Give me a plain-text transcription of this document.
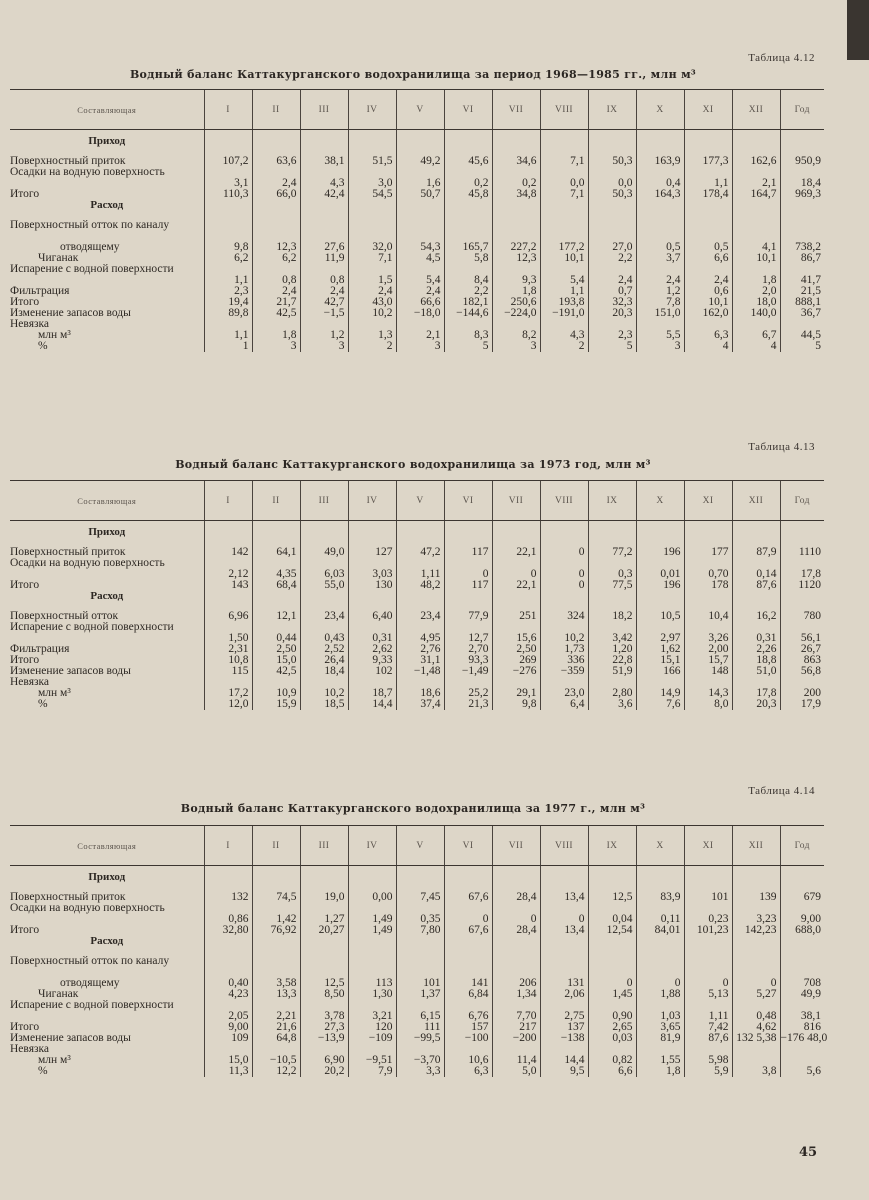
Таблица 4.12
Водный баланс Каттакурганского водохранилища за период 1968—1985 гг., млн м³
Составляющая	I	II	III	IV	V	VI	VII	VIII	IX	X	XI	XII	Год

Приход													
Поверхностный приток	107,2	63,6	38,1	51,5	49,2	45,6	34,6	7,1	50,3	163,9	177,3	162,6	950,9
Осадки на водную поверхность	3,1	2,4	4,3	3,0	1,6	0,2	0,2	0,0	0,0	0,4	1,1	2,1	18,4
Итого	110,3	66,0	42,4	54,5	50,7	45,8	34,8	7,1	50,3	164,3	178,4	164,7	969,3
Расход													
Поверхностный отток по каналу													
отводящему	9,8	12,3	27,6	32,0	54,3	165,7	227,2	177,2	27,0	0,5	0,5	4,1	738,2
Чиганак	6,2	6,2	11,9	7,1	4,5	5,8	12,3	10,1	2,2	3,7	6,6	10,1	86,7
Испарение с водной поверхности	1,1	0,8	0,8	1,5	5,4	8,4	9,3	5,4	2,4	2,4	2,4	1,8	41,7
Фильтрация	2,3	2,4	2,4	2,4	2,4	2,2	1,8	1,1	0,7	1,2	0,6	2,0	21,5
Итого	19,4	21,7	42,7	43,0	66,6	182,1	250,6	193,8	32,3	7,8	10,1	18,0	888,1
Изменение запасов воды	89,8	42,5	−1,5	10,2	−18,0	−144,6	−224,0	−191,0	20,3	151,0	162,0	140,0	36,7
Невязка													
млн м³	1,1	1,8	1,2	1,3	2,1	8,3	8,2	4,3	2,3	5,5	6,3	6,7	44,5
%	1	3	3	2	3	5	3	2	5	3	4	4	5
Таблица 4.13
Водный баланс Каттакурганского водохранилища за 1973 год, млн м³
Составляющая	I	II	III	IV	V	VI	VII	VIII	IX	X	XI	XII	Год

Приход													
Поверхностный приток	142	64,1	49,0	127	47,2	117	22,1	0	77,2	196	177	87,9	1110
Осадки на водную поверхность	2,12	4,35	6,03	3,03	1,11	0	0	0	0,3	0,01	0,70	0,14	17,8
Итого	143	68,4	55,0	130	48,2	117	22,1	0	77,5	196	178	87,6	1120
Расход													
Поверхностный отток	6,96	12,1	23,4	6,40	23,4	77,9	251	324	18,2	10,5	10,4	16,2	780
Испарение с водной поверхности	1,50	0,44	0,43	0,31	4,95	12,7	15,6	10,2	3,42	2,97	3,26	0,31	56,1
Фильтрация	2,31	2,50	2,52	2,62	2,76	2,70	2,50	1,73	1,20	1,62	2,00	2,26	26,7
Итого	10,8	15,0	26,4	9,33	31,1	93,3	269	336	22,8	15,1	15,7	18,8	863
Изменение запасов воды	115	42,5	18,4	102	−1,48	−1,49	−276	−359	51,9	166	148	51,0	56,8
Невязка													
млн м³	17,2	10,9	10,2	18,7	18,6	25,2	29,1	23,0	2,80	14,9	14,3	17,8	200
%	12,0	15,9	18,5	14,4	37,4	21,3	9,8	6,4	3,6	7,6	8,0	20,3	17,9
Таблица 4.14
Водный баланс Каттакурганского водохранилища за 1977 г., млн м³
Составляющая	I	II	III	IV	V	VI	VII	VIII	IX	X	XI	XII	Год

Приход													
Поверхностный приток	132	74,5	19,0	0,00	7,45	67,6	28,4	13,4	12,5	83,9	101	139	679
Осадки на водную поверхность	0,86	1,42	1,27	1,49	0,35	0	0	0	0,04	0,11	0,23	3,23	9,00
Итого	32,80	76,92	20,27	1,49	7,80	67,6	28,4	13,4	12,54	84,01	101,23	142,23	688,0
Расход													
Поверхностный отток по каналу													
отводящему	0,40	3,58	12,5	113	101	141	206	131	0	0	0	0	708
Чиганак	4,23	13,3	8,50	1,30	1,37	6,84	1,34	2,06	1,45	1,88	5,13	5,27	49,9
Испарение с водной поверхности	2,05	2,21	3,78	3,21	6,15	6,76	7,70	2,75	0,90	1,03	1,11	0,48	38,1
Итого	9,00	21,6	27,3	120	111	157	217	137	2,65	3,65	7,42	4,62	816
Изменение запасов воды	109	64,8	−13,9	−109	−99,5	−100	−200	−138	0,03	81,9	87,6	132 5,38	−176 48,0
Невязка													
млн м³	15,0	−10,5	6,90	−9,51	−3,70	10,6	11,4	14,4	0,82	1,55	5,98		
%	11,3	12,2	20,2	7,9	3,3	6,3	5,0	9,5	6,6	1,8	5,9	3,8	5,6
45
